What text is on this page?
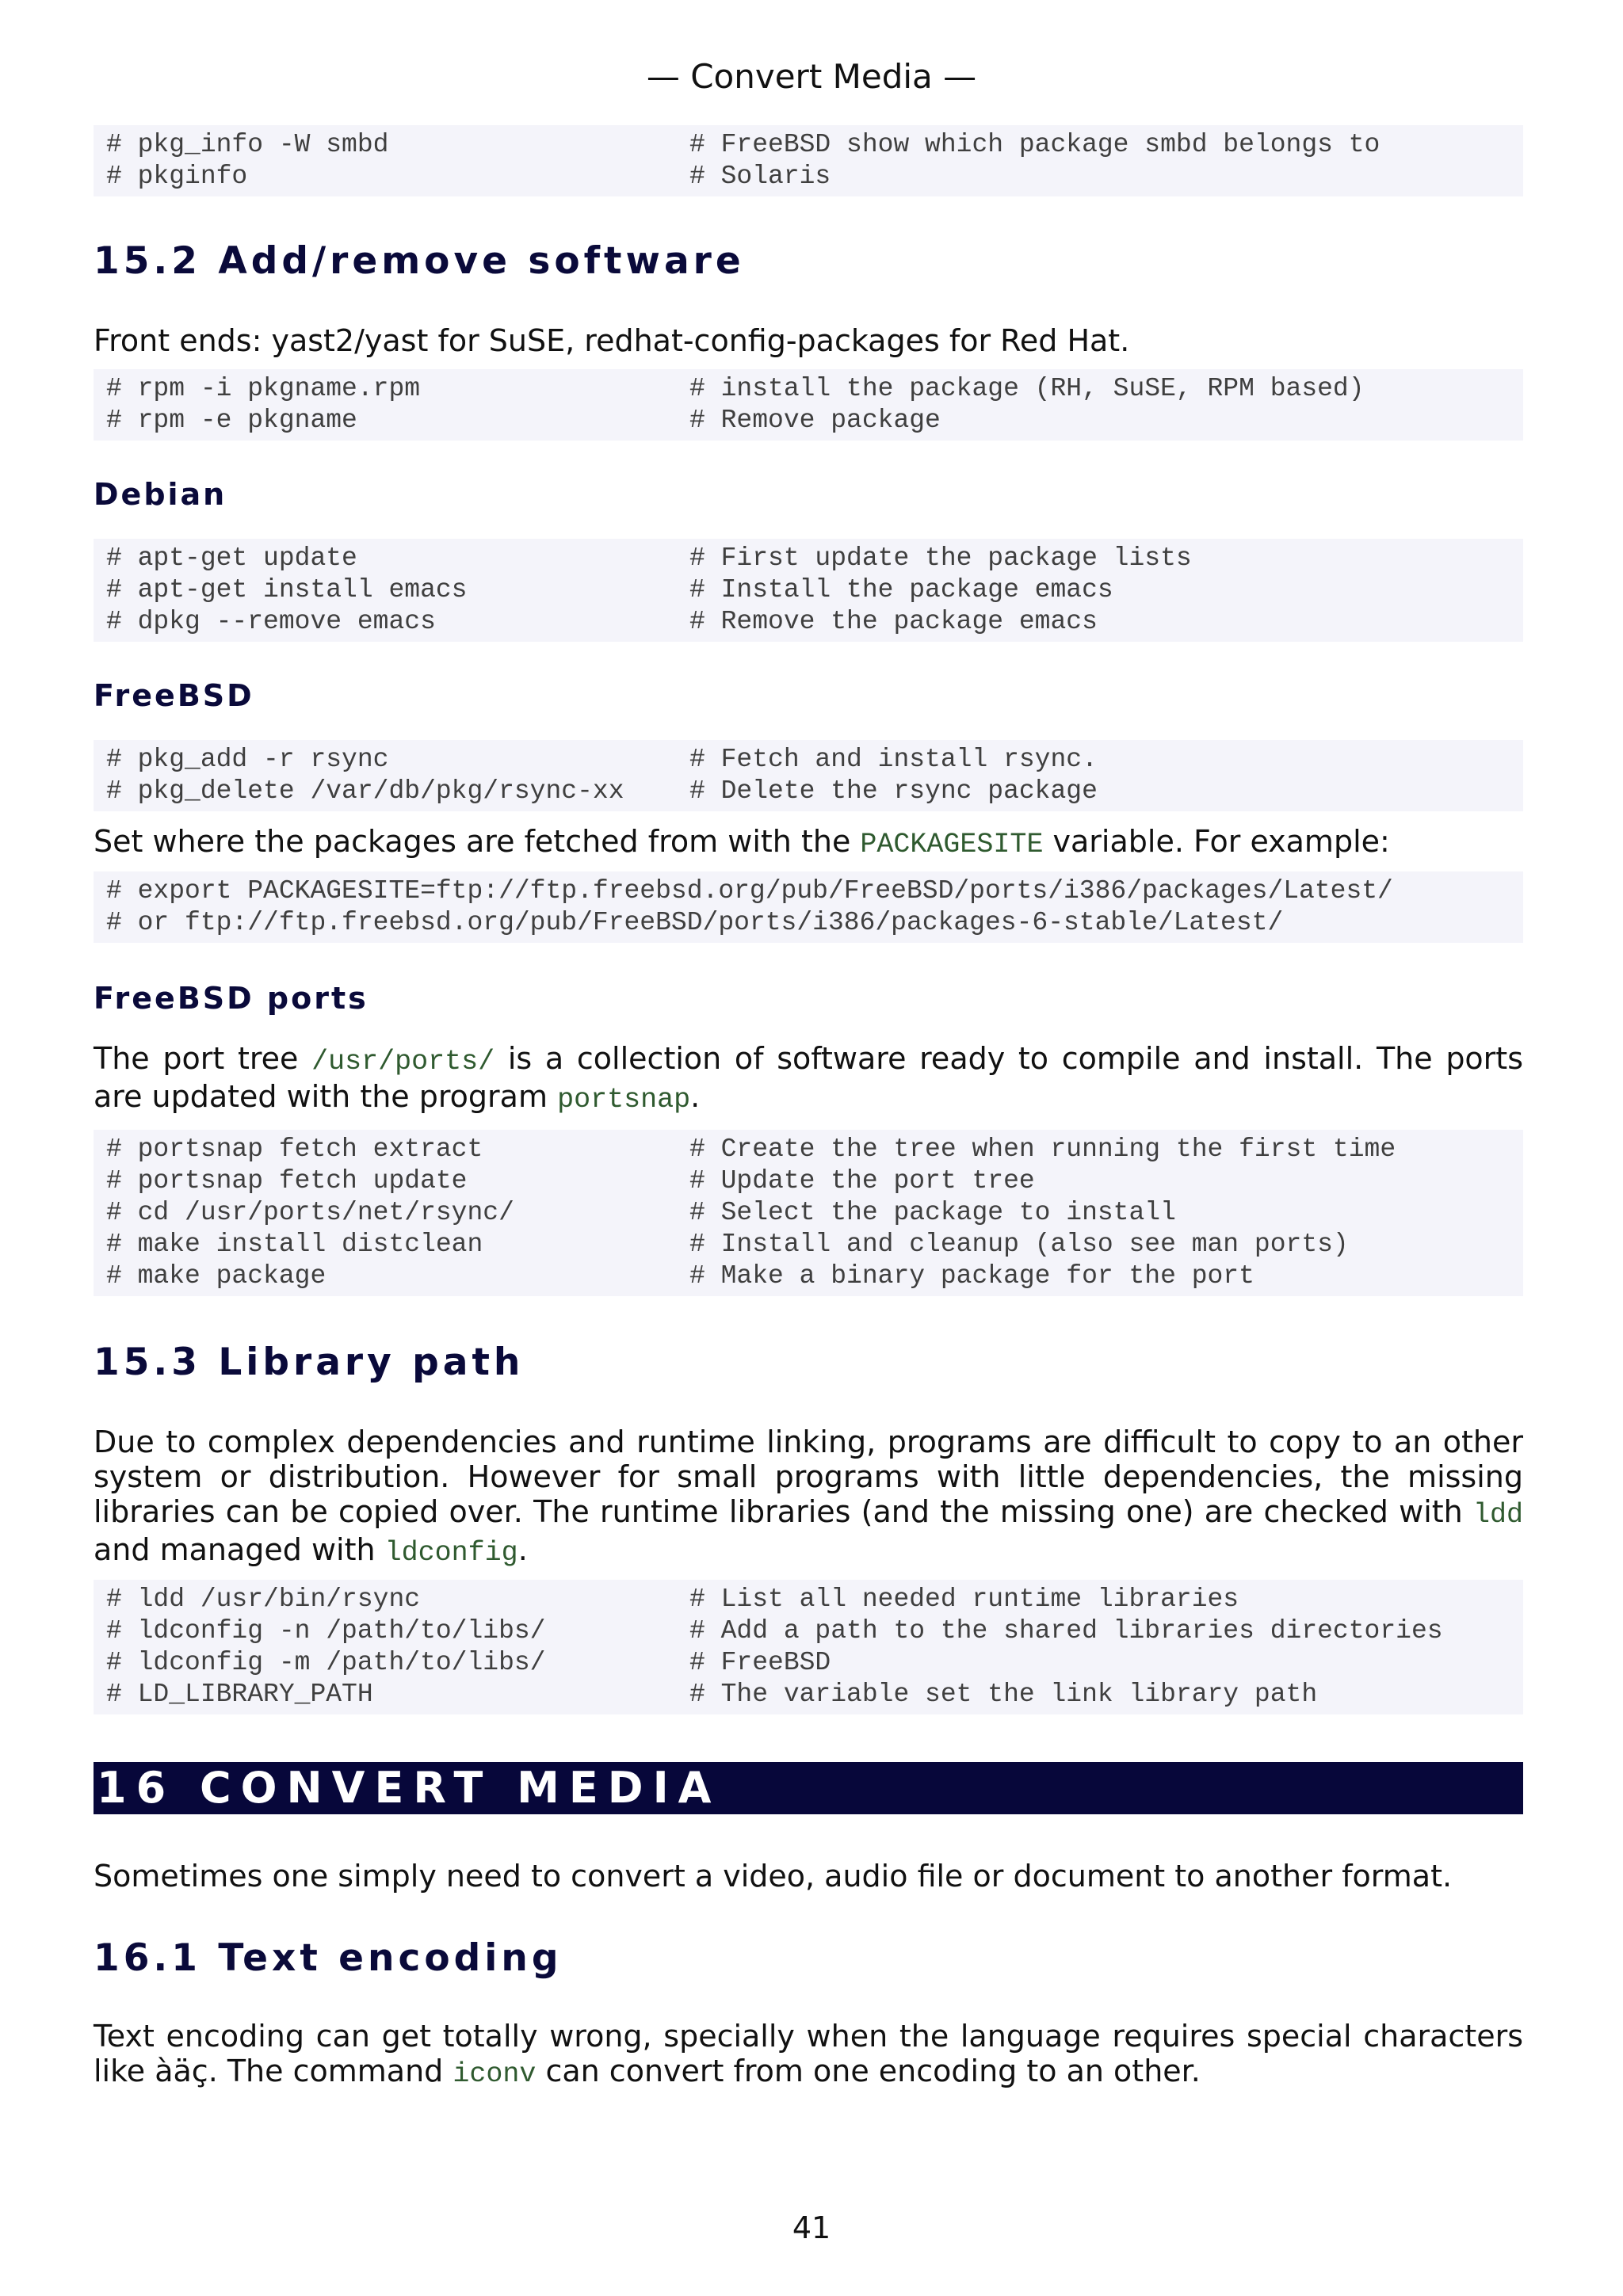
— Convert Media —
# pkg_info -W smbd	# FreeBSD show which package smbd belongs to
# pkginfo	# Solaris
15.2 Add/remove software
Front ends: yast2/yast for SuSE, redhat-config-packages for Red Hat.
# rpm -i pkgname.rpm	# install the package (RH, SuSE, RPM based)
# rpm -e pkgname	# Remove package
Debian
# apt-get update	# First update the package lists
# apt-get install emacs	# Install the package emacs
# dpkg --remove emacs	# Remove the package emacs
FreeBSD
# pkg_add -r rsync	# Fetch and install rsync.
# pkg_delete /var/db/pkg/rsync-xx # Delete the rsync package
Set where the packages are fetched from with the PACKAGESITE variable. For example:
# export PACKAGESITE=ftp://ftp.freebsd.org/pub/FreeBSD/ports/i386/packages/Latest/
# or ftp://ftp.freebsd.org/pub/FreeBSD/ports/i386/packages-6-stable/Latest/
FreeBSD ports
The port tree /usr/ports/ is a collection of software ready to compile and install. The ports are updated with the program portsnap.
# portsnap fetch extract	# Create the tree when running the first time
# portsnap fetch update	# Update the port tree
# cd /usr/ports/net/rsync/	# Select the package to install
# make install distclean	# Install and cleanup (also see man ports)
# make package	# Make a binary package for the port
15.3 Library path
Due to complex dependencies and runtime linking, programs are difficult to copy to an other system or distribution. However for small programs with little dependencies, the missing libraries can be copied over. The runtime libraries (and the missing one) are checked with ldd and managed with ldconfig.
# ldd /usr/bin/rsync	# List all needed runtime libraries
# ldconfig -n /path/to/libs/	# Add a path to the shared libraries directories
# ldconfig -m /path/to/libs/	# FreeBSD
# LD_LIBRARY_PATH	# The variable set the link library path
16 CONVERT MEDIA
Sometimes one simply need to convert a video, audio file or document to another format.
16.1 Text encoding
Text encoding can get totally wrong, specially when the language requires special characters like àäç. The command iconv can convert from one encoding to an other.
41
